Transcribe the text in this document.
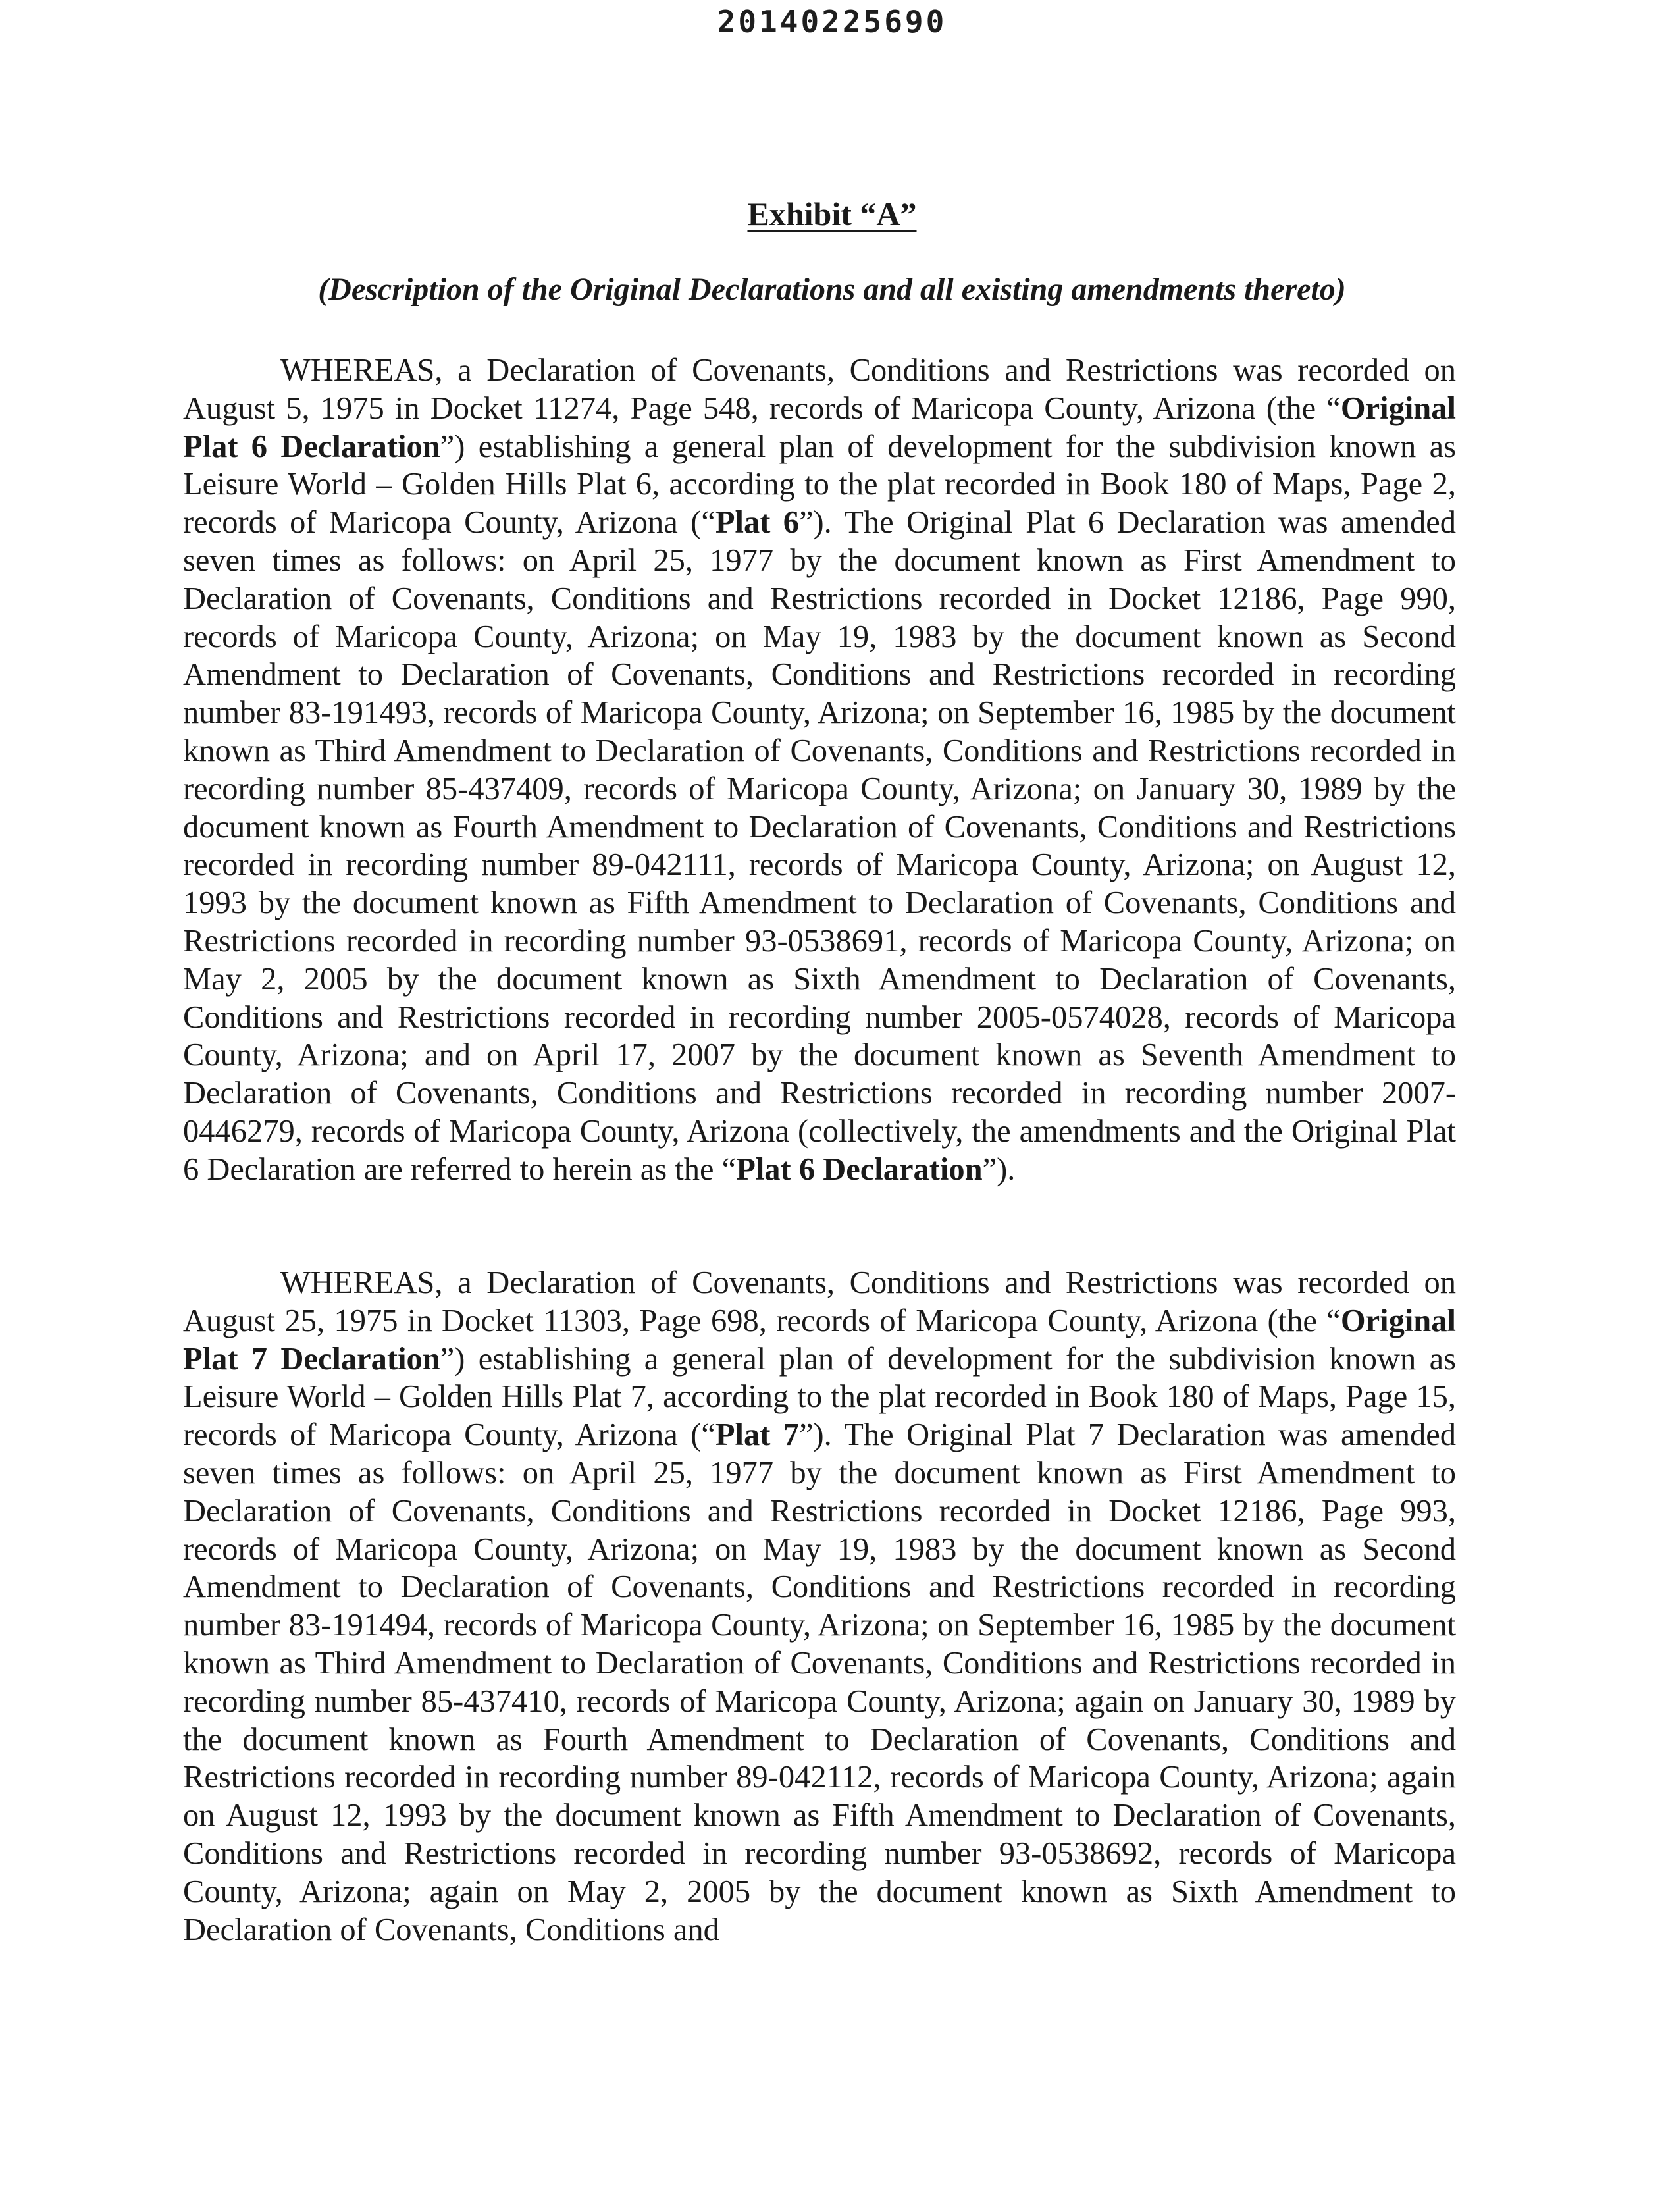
20140225690
Exhibit “A”
(Description of the Original Declarations and all existing amendments thereto)

WHEREAS, a Declaration of Covenants, Conditions and Restrictions was recorded on August 5, 1975 in Docket 11274, Page 548, records of Maricopa County, Arizona (the “Original Plat 6 Declaration”) establishing a general plan of development for the subdivision known as Leisure World – Golden Hills Plat 6, according to the plat recorded in Book 180 of Maps, Page 2, records of Maricopa County, Arizona (“Plat 6”). The Original Plat 6 Declaration was amended seven times as follows: on April 25, 1977 by the document known as First Amendment to Declaration of Covenants, Conditions and Restrictions recorded in Docket 12186, Page 990, records of Maricopa County, Arizona; on May 19, 1983 by the document known as Second Amendment to Declaration of Covenants, Conditions and Restrictions recorded in recording number 83-191493, records of Maricopa County, Arizona; on September 16, 1985 by the document known as Third Amendment to Declaration of Covenants, Conditions and Restrictions recorded in recording number 85-437409, records of Maricopa County, Arizona; on January 30, 1989 by the document known as Fourth Amendment to Declaration of Covenants, Conditions and Restrictions recorded in recording number 89-042111, records of Maricopa County, Arizona; on August 12, 1993 by the document known as Fifth Amendment to Declaration of Covenants, Conditions and Restrictions recorded in recording number 93-0538691, records of Maricopa County, Arizona; on May 2, 2005 by the document known as Sixth Amendment to Declaration of Covenants, Conditions and Restrictions recorded in recording number 2005-0574028, records of Maricopa County, Arizona; and on April 17, 2007 by the document known as Seventh Amendment to Declaration of Covenants, Conditions and Restrictions recorded in recording number 2007-0446279, records of Maricopa County, Arizona (collectively, the amendments and the Original Plat 6 Declaration are referred to herein as the “Plat 6 Declaration”).

WHEREAS, a Declaration of Covenants, Conditions and Restrictions was recorded on August 25, 1975 in Docket 11303, Page 698, records of Maricopa County, Arizona (the “Original Plat 7 Declaration”) establishing a general plan of development for the subdivision known as Leisure World – Golden Hills Plat 7, according to the plat recorded in Book 180 of Maps, Page 15, records of Maricopa County, Arizona (“Plat 7”). The Original Plat 7 Declaration was amended seven times as follows: on April 25, 1977 by the document known as First Amendment to Declaration of Covenants, Conditions and Restrictions recorded in Docket 12186, Page 993, records of Maricopa County, Arizona; on May 19, 1983 by the document known as Second Amendment to Declaration of Covenants, Conditions and Restrictions recorded in recording number 83-191494, records of Maricopa County, Arizona; on September 16, 1985 by the document known as Third Amendment to Declaration of Covenants, Conditions and Restrictions recorded in recording number 85-437410, records of Maricopa County, Arizona; again on January 30, 1989 by the document known as Fourth Amendment to Declaration of Covenants, Conditions and Restrictions recorded in recording number 89-042112, records of Maricopa County, Arizona; again on August 12, 1993 by the document known as Fifth Amendment to Declaration of Covenants, Conditions and Restrictions recorded in recording number 93-0538692, records of Maricopa County, Arizona; again on May 2, 2005 by the document known as Sixth Amendment to Declaration of Covenants, Conditions and
